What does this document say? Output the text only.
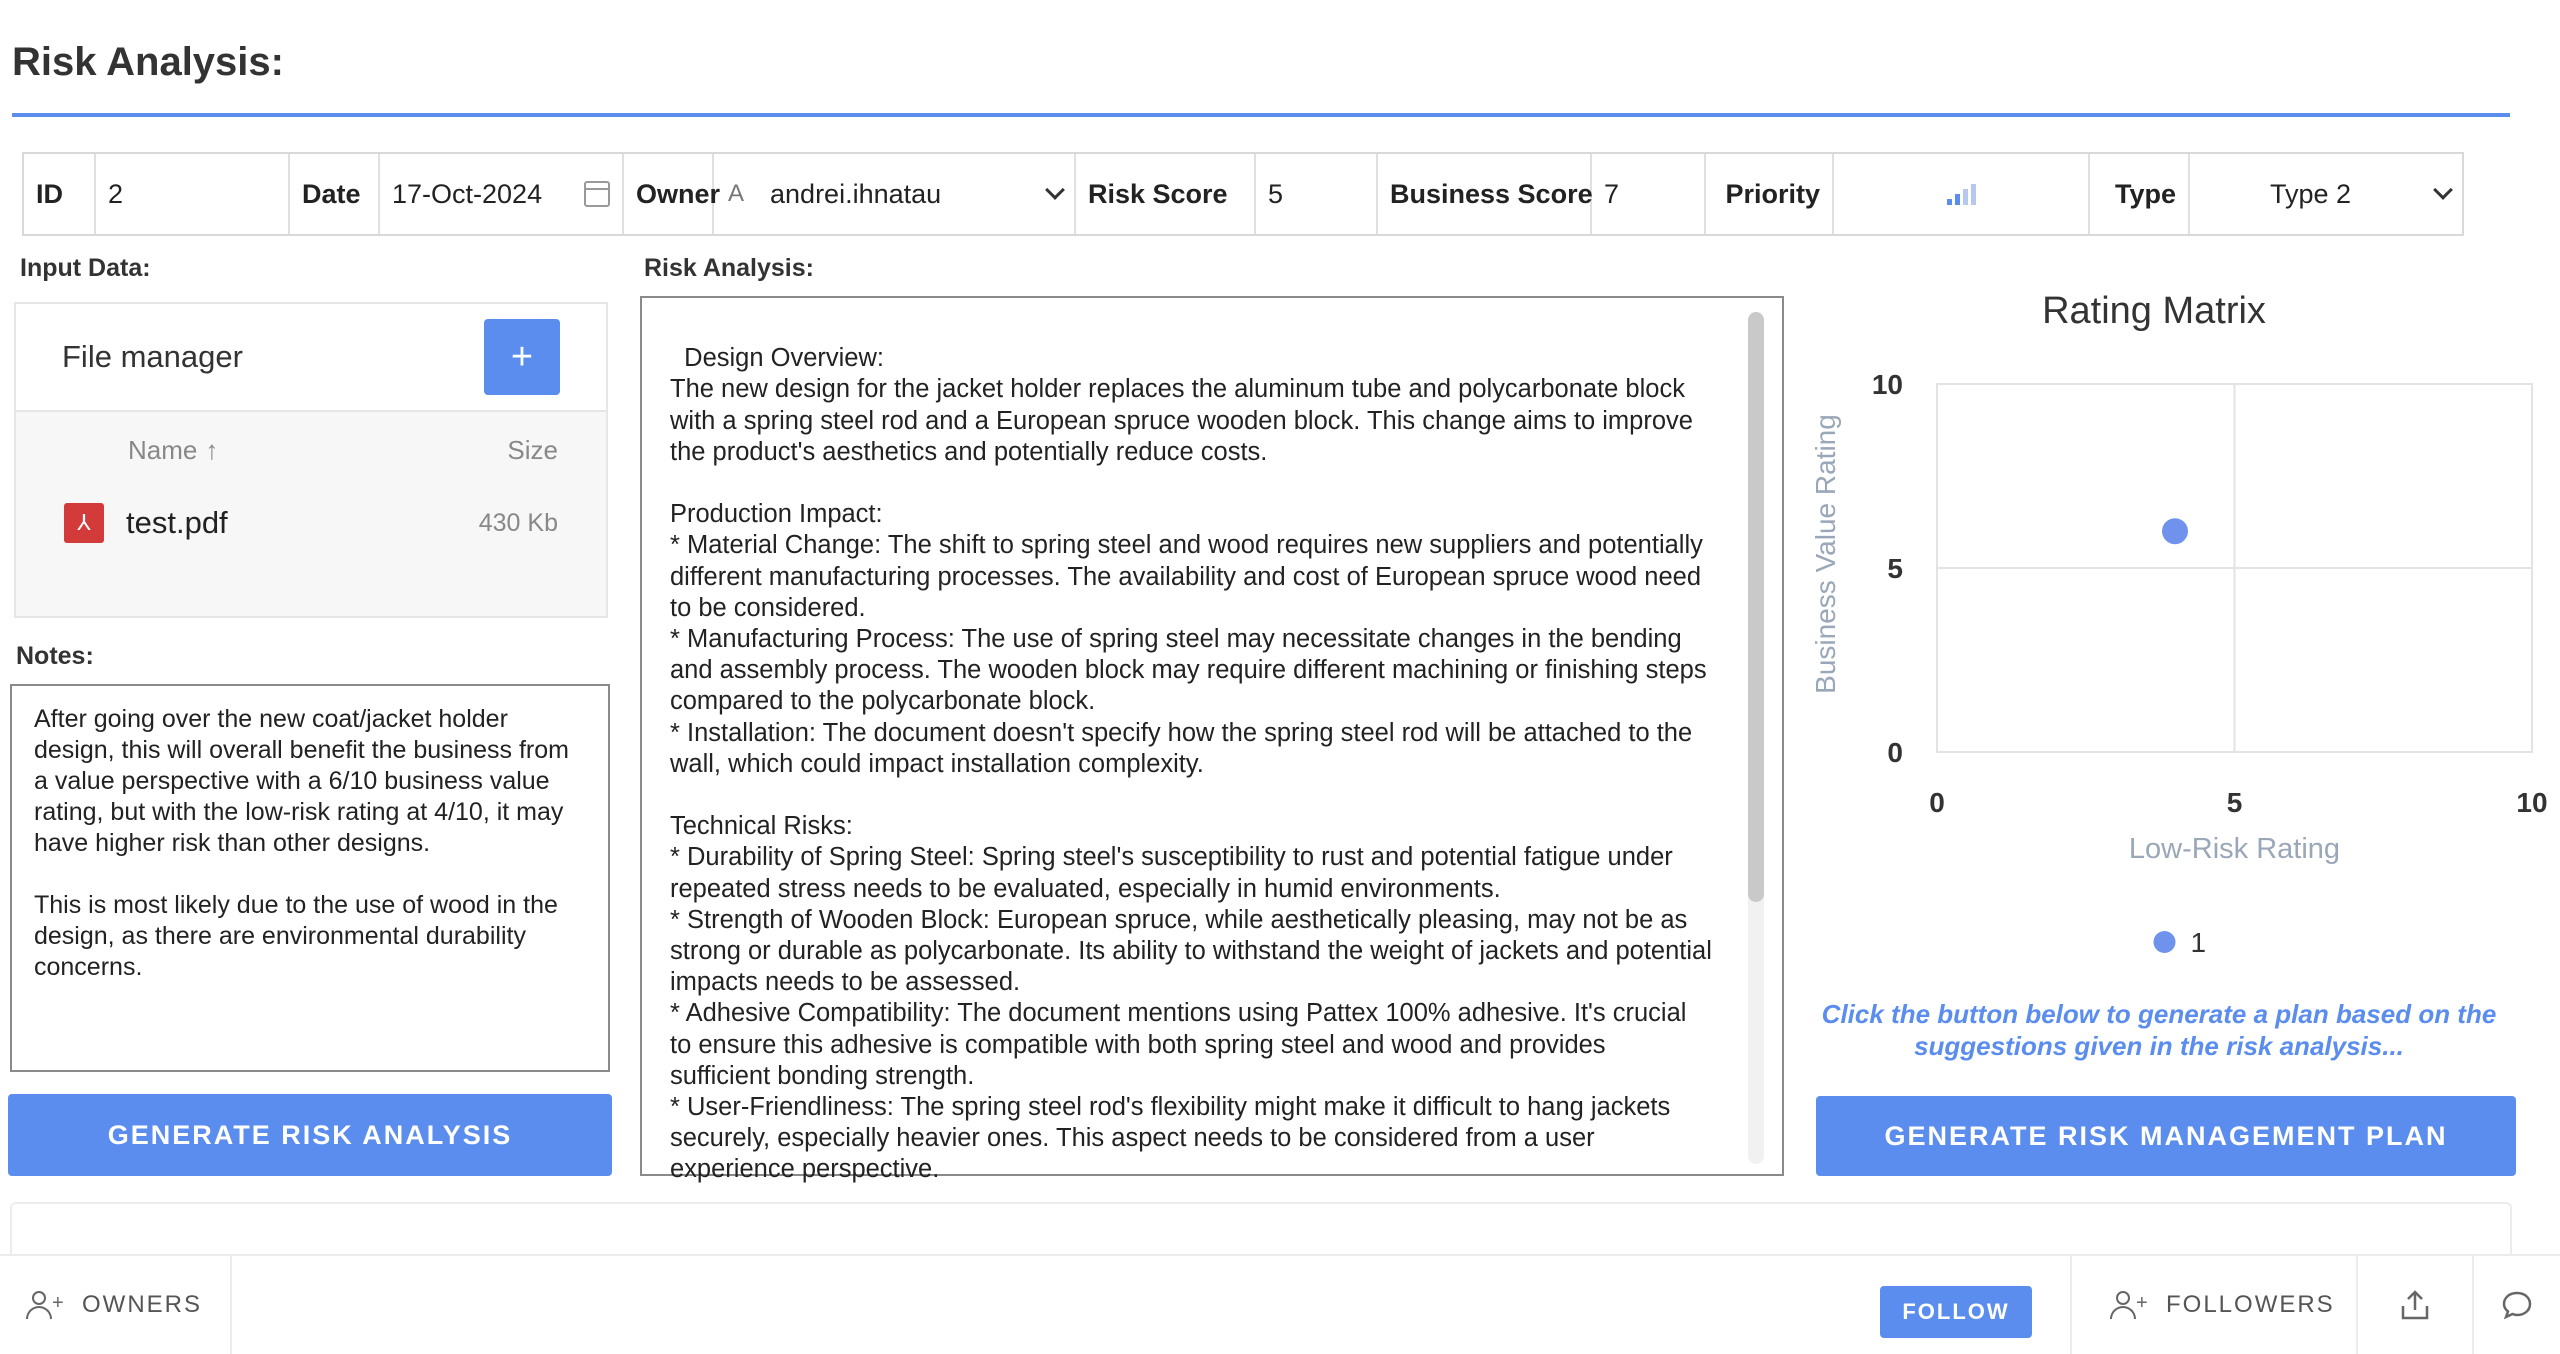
Risk Analysis:
ID	2	Date	17-Oct-2024	Owner A andrei.ihnatau	Risk Score	5	Business Score 7	Priority	Type	Type 2
Input Data:
File manager	+
Name ↑	Size
⅄	test.pdf	430 Kb
Notes:
After going over the new coat/jacket holder design, this will overall benefit the business from a value perspective with a 6/10 business value rating, but with the low-risk rating at 4/10, it may have higher risk than other designs.

This is most likely due to the use of wood in the design, as there are environmental durability concerns.
GENERATE RISK ANALYSIS
Risk Analysis:

Design Overview:
The new design for the jacket holder replaces the aluminum tube and polycarbonate block with a spring steel rod and a European spruce wooden block. This change aims to improve the product's aesthetics and potentially reduce costs.

Production Impact:
* Material Change: The shift to spring steel and wood requires new suppliers and potentially different manufacturing processes. The availability and cost of European spruce wood need to be considered.
* Manufacturing Process: The use of spring steel may necessitate changes in the bending and assembly process. The wooden block may require different machining or finishing steps compared to the polycarbonate block.
* Installation: The document doesn't specify how the spring steel rod will be attached to the wall, which could impact installation complexity.

Technical Risks:
* Durability of Spring Steel: Spring steel's susceptibility to rust and potential fatigue under repeated stress needs to be evaluated, especially in humid environments.
* Strength of Wooden Block: European spruce, while aesthetically pleasing, may not be as strong or durable as polycarbonate. Its ability to withstand the weight of jackets and potential impacts needs to be assessed.
* Adhesive Compatibility: The document mentions using Pattex 100% adhesive. It's crucial to ensure this adhesive is compatible with both spring steel and wood and provides sufficient bonding strength.
* User-Friendliness: The spring steel rod's flexibility might make it difficult to hang jackets securely, especially heavier ones. This aspect needs to be considered from a user experience perspective.

Rating Matrix
Business Value Rating
Low-Risk Rating
0	5	10
0
5
10
1
Click the button below to generate a plan based on the suggestions given in the risk analysis...
GENERATE RISK MANAGEMENT PLAN
+ OWNERS	FOLLOW	+ FOLLOWERS
